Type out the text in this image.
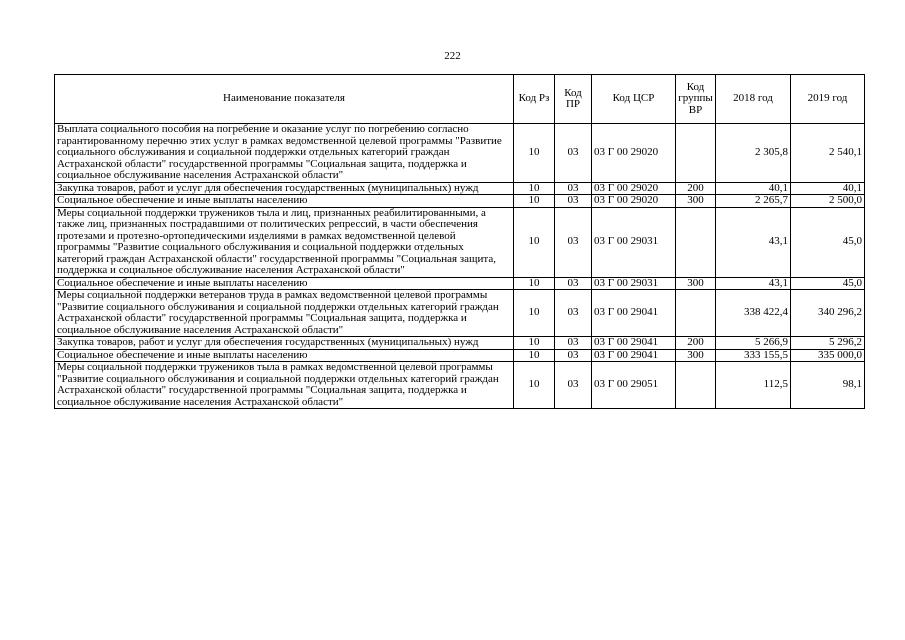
222
Наименование показателя	Код Рз	Код ПР	Код ЦСР	Код группы ВР	2018 год	2019 год
Выплата социального пособия на погребение и оказание услуг по погребению согласно гарантированному перечню этих услуг в рамках ведомственной целевой программы "Развитие социального обслуживания и социальной поддержки отдельных категорий граждан Астраханской области" государственной программы "Социальная защита, поддержка и социальное обслуживание населения Астраханской области"	10	03	03 Г 00 29020		2 305,8	2 540,1
Закупка товаров, работ и услуг для обеспечения государственных (муниципальных) нужд	10	03	03 Г 00 29020	200	40,1	40,1
Социальное обеспечение и иные выплаты населению	10	03	03 Г 00 29020	300	2 265,7	2 500,0
Меры социальной поддержки тружеников тыла и лиц, признанных реабилитированными, а также лиц, признанных пострадавшими от политических репрессий, в части обеспечения протезами и протезно-ортопедическими изделиями в рамках ведомственной целевой программы "Развитие социального обслуживания и социальной поддержки отдельных категорий граждан Астраханской области" государственной программы "Социальная защита, поддержка и социальное обслуживание населения Астраханской области"	10	03	03 Г 00 29031		43,1	45,0
Социальное обеспечение и иные выплаты населению	10	03	03 Г 00 29031	300	43,1	45,0
Меры социальной поддержки ветеранов труда в рамках ведомственной целевой программы "Развитие социального обслуживания и социальной поддержки отдельных категорий граждан Астраханской области" государственной программы "Социальная защита, поддержка и социальное обслуживание населения Астраханской области"	10	03	03 Г 00 29041		338 422,4	340 296,2
Закупка товаров, работ и услуг для обеспечения государственных (муниципальных) нужд	10	03	03 Г 00 29041	200	5 266,9	5 296,2
Социальное обеспечение и иные выплаты населению	10	03	03 Г 00 29041	300	333 155,5	335 000,0
Меры социальной поддержки тружеников тыла в рамках ведомственной целевой программы "Развитие социального обслуживания и социальной поддержки отдельных категорий граждан Астраханской области" государственной программы "Социальная защита, поддержка и социальное обслуживание населения Астраханской области"	10	03	03 Г 00 29051		112,5	98,1
